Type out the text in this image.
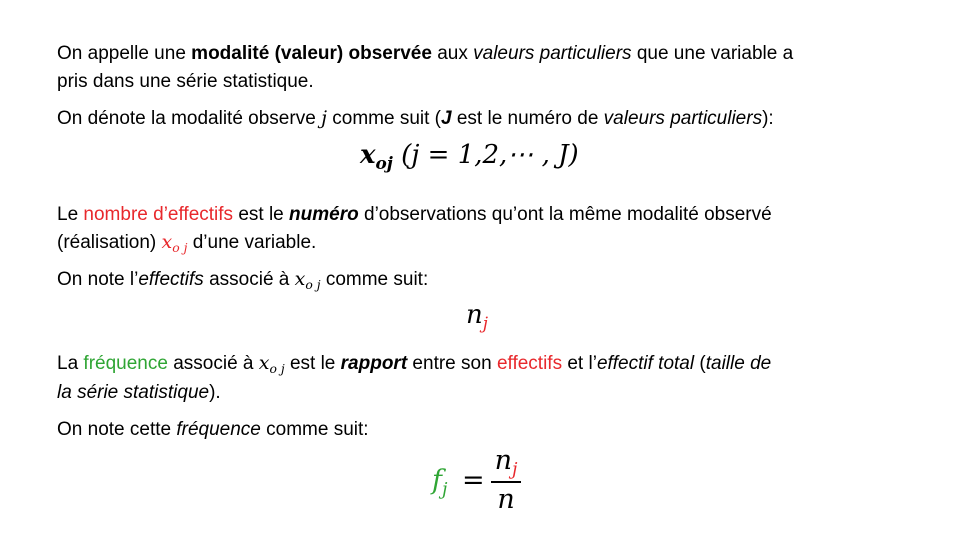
On appelle une modalité (valeur) observée aux valeurs particuliers que une variable a
pris dans une série statistique.
On dénote la modalité observe j comme suit (J est le numéro de valeurs particuliers):
$x_{oj}$ (j = 1,2,⋯ , J)
Le nombre d’effectifs est le numéro d’observations qu’ont la même modalité observé
(réalisation) $x_{o j}$ d’une variable.
On note l’effectifs associé à $x_{o j}$ comme suit:
$n_j$
La fréquence associé à $x_{o j}$ est le rapport entre son effectifs et l’effectif total (taille de
la série statistique).
On note cette fréquence comme suit:
$f_j = \frac{n_j}{n}$
